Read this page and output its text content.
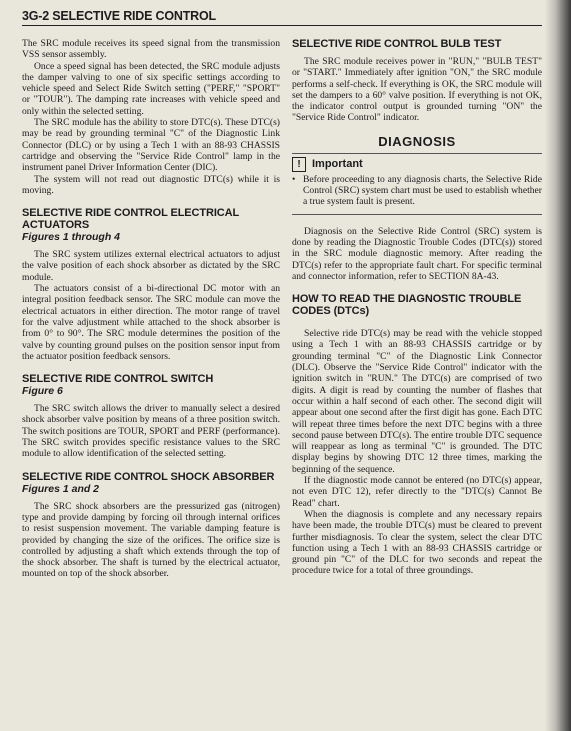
3G-2 SELECTIVE RIDE CONTROL

The SRC module receives its speed signal from the transmission VSS sensor assembly.

Once a speed signal has been detected, the SRC module adjusts the damper valving to one of six specific settings according to vehicle speed and Select Ride Switch setting ("PERF," "SPORT" or "TOUR"). The damping rate increases with vehicle speed and only within the selected setting.

The SRC module has the ability to store DTC(s). These DTC(s) may be read by grounding terminal "C" of the Diagnostic Link Connector (DLC) or by using a Tech 1 with an 88-93 CHASSIS cartridge and observing the "Service Ride Control" lamp in the instrument panel Driver Information Center (DIC).

The system will not read out diagnostic DTC(s) while it is moving.

SELECTIVE RIDE CONTROL ELECTRICAL ACTUATORS
Figures 1 through 4

The SRC system utilizes external electrical actuators to adjust the valve position of each shock absorber as dictated by the SRC module.

The actuators consist of a bi-directional DC motor with an integral position feedback sensor. The SRC module can move the electrical actuators in either direction. The motor range of travel for the valve adjustment while attached to the shock absorber is from 0° to 90°. The SRC module determines the position of the valve by counting ground pulses on the position sensor input from the actuator position feedback sensors.

SELECTIVE RIDE CONTROL SWITCH
Figure 6

The SRC switch allows the driver to manually select a desired shock absorber valve position by means of a three position switch. The switch positions are TOUR, SPORT and PERF (performance). The SRC switch provides specific resistance values to the SRC module to allow identification of the selected setting.

SELECTIVE RIDE CONTROL SHOCK ABSORBER
Figures 1 and 2

The SRC shock absorbers are the pressurized gas (nitrogen) type and provide damping by forcing oil through internal orifices to resist suspension movement. The variable damping feature is provided by changing the size of the orifices. The orifice size is controlled by adjusting a shaft which extends through the top of the shock absorber. The shaft is turned by the electrical actuator, mounted on top of the shock absorber.

SELECTIVE RIDE CONTROL BULB TEST

The SRC module receives power in "RUN," "BULB TEST" or "START." Immediately after ignition "ON," the SRC module performs a self-check. If everything is OK, the SRC module will set the dampers to a 60° valve position. If everything is not OK, the indicator control output is grounded turning "ON" the "Service Ride Control" indicator.

DIAGNOSIS
!	Important
• Before proceeding to any diagnosis charts, the Selective Ride Control (SRC) system chart must be used to establish whether a true system fault is present.

Diagnosis on the Selective Ride Control (SRC) system is done by reading the Diagnostic Trouble Codes (DTC(s)) stored in the SRC module diagnostic memory. After reading the DTC(s) refer to the appropriate fault chart. For specific terminal and connector information, refer to SECTION 8A-43.

HOW TO READ THE DIAGNOSTIC TROUBLE CODES (DTCs)

Selective ride DTC(s) may be read with the vehicle stopped using a Tech 1 with an 88-93 CHASSIS cartridge or by grounding terminal "C" of the Diagnostic Link Connector (DLC). Observe the "Service Ride Control" indicator with the ignition switch in "RUN." The DTC(s) are comprised of two digits. A digit is read by counting the number of flashes that occur within a half second of each other. The second digit will appear about one second after the first digit has gone. Each DTC will repeat three times before the next DTC begins with a three second pause between DTC(s). The entire trouble DTC sequence will reappear as long as terminal "C" is grounded. The DTC display begins by showing DTC 12 three times, marking the beginning of the sequence.

If the diagnostic mode cannot be entered (no DTC(s) appear, not even DTC 12), refer directly to the "DTC(s) Cannot Be Read" chart.

When the diagnosis is complete and any necessary repairs have been made, the trouble DTC(s) must be cleared to prevent further misdiagnosis. To clear the system, select the clear DTC function using a Tech 1 with an 88-93 CHASSIS cartridge or ground pin "C" of the DLC for two seconds and repeat the procedure twice for a total of three groundings.
